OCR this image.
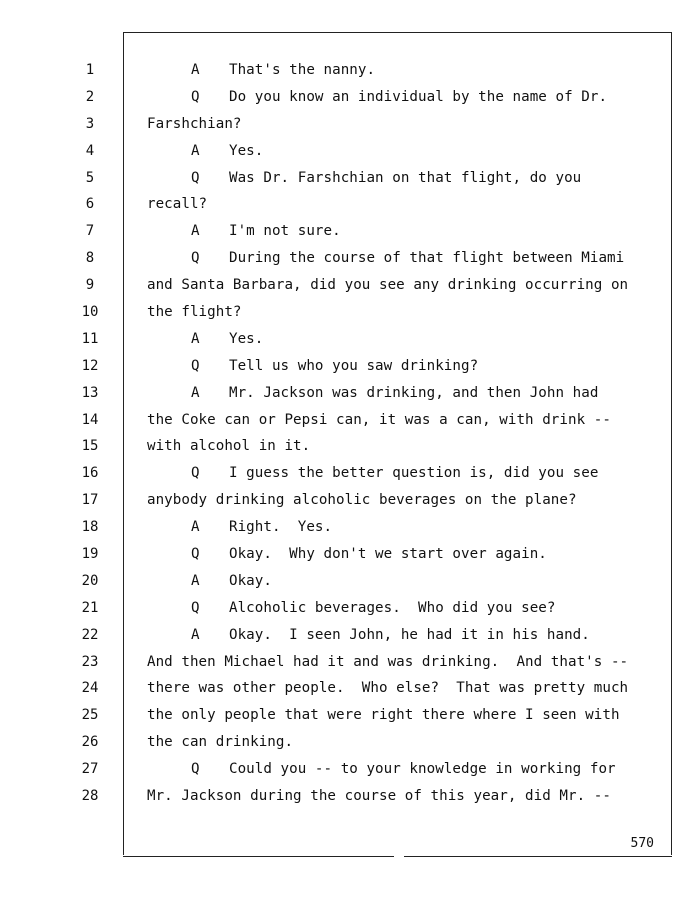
1
2
3
4
5
6
7
8
9
10
11
12
13
14
15
16
17
18
19
20
21
22
23
24
25
26
27
28
A That's the nanny.
Q Do you know an individual by the name of Dr.
Farshchian?
A Yes.
Q Was Dr. Farshchian on that flight, do you
recall?
A I'm not sure.
Q During the course of that flight between Miami
and Santa Barbara, did you see any drinking occurring on
the flight?
A Yes.
Q Tell us who you saw drinking?
A Mr. Jackson was drinking, and then John had
the Coke can or Pepsi can, it was a can, with drink --
with alcohol in it.
Q I guess the better question is, did you see
anybody drinking alcoholic beverages on the plane?
A Right.  Yes.
Q Okay.  Why don't we start over again.
A Okay.
Q Alcoholic beverages.  Who did you see?
A Okay.  I seen John, he had it in his hand.
And then Michael had it and was drinking.  And that's --
there was other people.  Who else?  That was pretty much
the only people that were right there where I seen with
the can drinking.
Q Could you -- to your knowledge in working for
Mr. Jackson during the course of this year, did Mr. --
570
